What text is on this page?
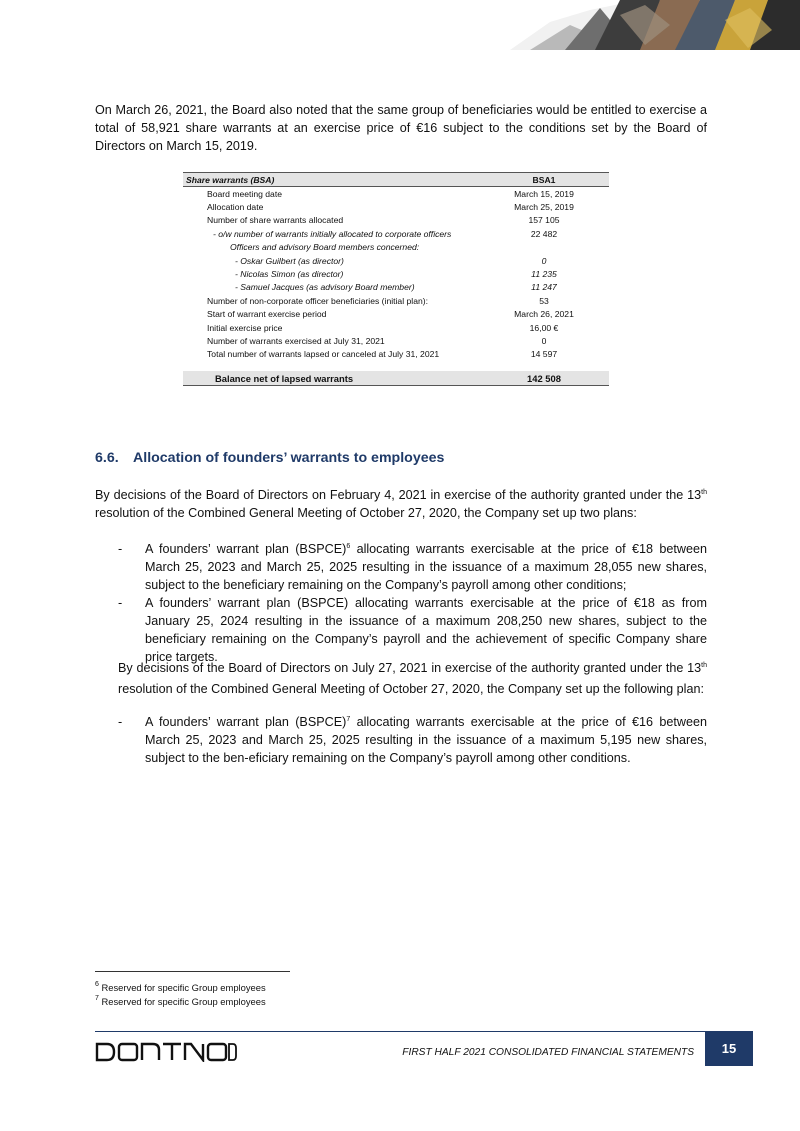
On March 26, 2021, the Board also noted that the same group of beneficiaries would be entitled to exercise a total of 58,921 share warrants at an exercise price of €16 subject to the conditions set by the Board of Directors on March 15, 2019.

Share warrants (BSA)	BSA1
Board meeting date	March 15, 2019
Allocation date	March 25, 2019
Number of share warrants allocated	157 105
- o/w number of warrants initially allocated to corporate officers	22 482
Officers and advisory Board members concerned:	
- Oskar Guilbert (as director)	0
- Nicolas Simon (as director)	11 235
- Samuel Jacques (as advisory Board member)	11 247
Number of non-corporate officer beneficiaries (initial plan):	53
Start of warrant exercise period	March 26, 2021
Initial exercise price	16,00 €
Number of warrants exercised at July 31, 2021	0
Total number of warrants lapsed or canceled at July 31, 2021	14 597

Balance net of lapsed warrants	142 508
6.6. Allocation of founders’ warrants to employees

By decisions of the Board of Directors on February 4, 2021 in exercise of the authority granted under the 13th resolution of the Combined General Meeting of October 27, 2020, the Company set up two plans:

- A founders’ warrant plan (BSPCE)$^6$ allocating warrants exercisable at the price of €18 between March 25, 2023 and March 25, 2025 resulting in the issuance of a maximum 28,055 new shares, subject to the beneficiary remaining on the Company’s payroll among other conditions;
- A founders’ warrant plan (BSPCE) allocating warrants exercisable at the price of €18 as from January 25, 2024 resulting in the issuance of a maximum 208,250 new shares, subject to the beneficiary remaining on the Company’s payroll and the achievement of specific Company share price targets.

By decisions of the Board of Directors on July 27, 2021 in exercise of the authority granted under the 13th resolution of the Combined General Meeting of October 27, 2020, the Company set up the following plan:

- A founders’ warrant plan (BSPCE)$^7$ allocating warrants exercisable at the price of €16 between March 25, 2023 and March 25, 2025 resulting in the issuance of a maximum 5,195 new shares, subject to the ben-eficiary remaining on the Company’s payroll among other conditions.

$^6$ Reserved for specific Group employees

$^7$ Reserved for specific Group employees

FIRST HALF 2021 CONSOLIDATED FINANCIAL STATEMENTS	15
